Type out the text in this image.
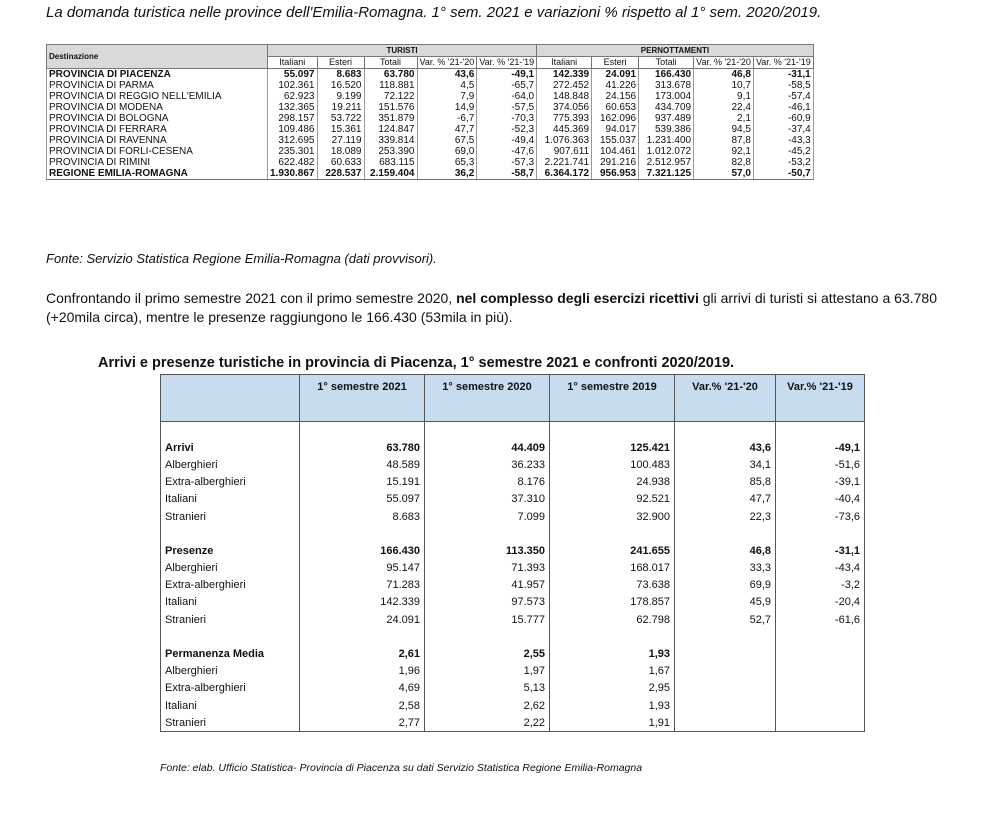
La domanda turistica nelle province dell'Emilia-Romagna. 1° sem. 2021 e variazioni % rispetto al 1° sem. 2020/2019.
Destinazione	TURISTI					PERNOTTAMENTI				
	Italiani	Esteri	Totali	Var. % '21-'20	Var. % '21-'19	Italiani	Esteri	Totali	Var. % '21-'20	Var. % '21-'19
PROVINCIA DI PIACENZA	55.097	8.683	63.780	43,6	-49,1	142.339	24.091	166.430	46,8	-31,1
PROVINCIA DI PARMA	102.361	16.520	118.881	4,5	-65,7	272.452	41.226	313.678	10,7	-58,5
PROVINCIA DI REGGIO NELL'EMILIA	62.923	9.199	72.122	7,9	-64,0	148.848	24.156	173.004	9,1	-57,4
PROVINCIA DI MODENA	132.365	19.211	151.576	14,9	-57,5	374.056	60.653	434.709	22,4	-46,1
PROVINCIA DI BOLOGNA	298.157	53.722	351.879	-6,7	-70,3	775.393	162.096	937.489	2,1	-60,9
PROVINCIA DI FERRARA	109.486	15.361	124.847	47,7	-52,3	445.369	94.017	539.386	94,5	-37,4
PROVINCIA DI RAVENNA	312.695	27.119	339.814	67,5	-49,4	1.076.363	155.037	1.231.400	87,8	-43,3
PROVINCIA DI FORLI-CESENA	235.301	18.089	253.390	69,0	-47,6	907.611	104.461	1.012.072	92,1	-45,2
PROVINCIA DI RIMINI	622.482	60.633	683.115	65,3	-57,3	2.221.741	291.216	2.512.957	82,8	-53,2
REGIONE EMILIA-ROMAGNA	1.930.867	228.537	2.159.404	36,2	-58,7	6.364.172	956.953	7.321.125	57,0	-50,7
Fonte: Servizio Statistica Regione Emilia-Romagna (dati provvisori).
Confrontando il primo semestre 2021 con il primo semestre 2020, nel complesso degli esercizi ricettivi gli arrivi di turisti si attestano a 63.780 (+20mila circa), mentre le presenze raggiungono le 166.430 (53mila in più).
Arrivi e presenze turistiche in provincia di Piacenza, 1° semestre 2021 e confronti 2020/2019.
	1° semestre 2021	1° semestre 2020	1° semestre 2019	Var.% '21-'20	Var.% '21-'19

Arrivi	63.780	44.409	125.421	43,6	-49,1
Alberghieri	48.589	36.233	100.483	34,1	-51,6
Extra-alberghieri	15.191	8.176	24.938	85,8	-39,1
Italiani	55.097	37.310	92.521	47,7	-40,4
Stranieri	8.683	7.099	32.900	22,3	-73,6

Presenze	166.430	113.350	241.655	46,8	-31,1
Alberghieri	95.147	71.393	168.017	33,3	-43,4
Extra-alberghieri	71.283	41.957	73.638	69,9	-3,2
Italiani	142.339	97.573	178.857	45,9	-20,4
Stranieri	24.091	15.777	62.798	52,7	-61,6

Permanenza Media	2,61	2,55	1,93		
Alberghieri	1,96	1,97	1,67		
Extra-alberghieri	4,69	5,13	2,95		
Italiani	2,58	2,62	1,93		
Stranieri	2,77	2,22	1,91		
Fonte: elab. Ufficio Statistica- Provincia di Piacenza su dati Servizio Statistica Regione Emilia-Romagna
